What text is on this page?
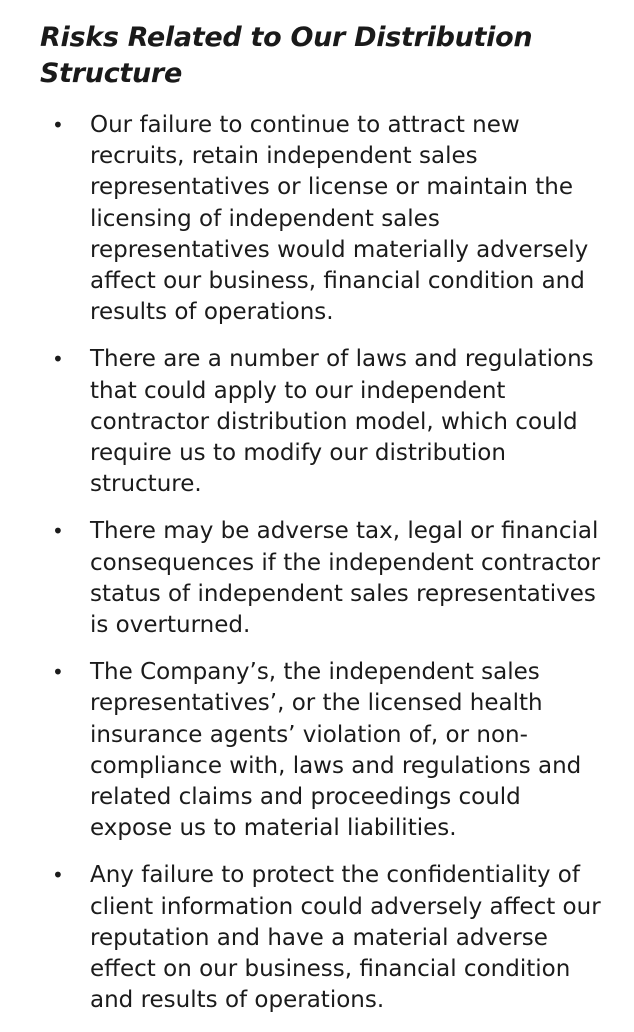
Risks Related to Our Distribution Structure
• Our failure to continue to attract new recruits, retain independent sales representatives or license or maintain the licensing of independent sales representatives would materially adversely affect our business, financial condition and results of operations.
• There are a number of laws and regulations that could apply to our independent contractor distribution model, which could require us to modify our distribution structure.
• There may be adverse tax, legal or financial consequences if the independent contractor status of independent sales representatives is overturned.
• The Company’s, the independent sales representatives’, or the licensed health insurance agents’ violation of, or non-compliance with, laws and regulations and related claims and proceedings could expose us to material liabilities.
• Any failure to protect the confidentiality of client information could adversely affect our reputation and have a material adverse effect on our business, financial condition and results of operations.
